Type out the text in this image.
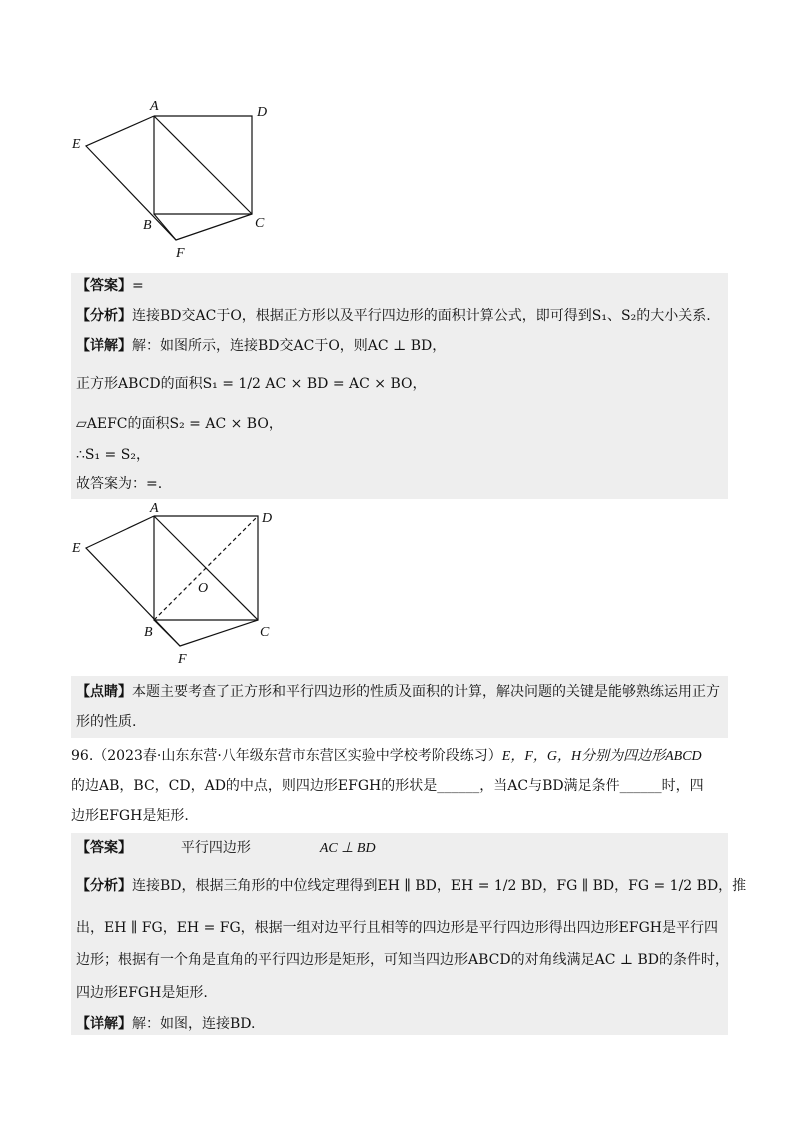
A	D
E
B	C
F
【答案】=
【分析】连接BD交AC于O，根据正方形以及平行四边形的面积计算公式，即可得到S₁、S₂的大小关系.
【详解】解：如图所示，连接BD交AC于O，则AC ⊥ BD，
正方形ABCD的面积S₁ = 1/2 AC × BD = AC × BO，
▱AEFC的面积S₂ = AC × BO，
∴S₁ = S₂，
故答案为：=.
A
D
E
O
B	C
F
【点睛】本题主要考查了正方形和平行四边形的性质及面积的计算，解决问题的关键是能够熟练运用正方
形的性质.
96.（2023春·山东东营·八年级东营市东营区实验中学校考阶段练习）E，F，G，H分别为四边形ABCD
的边AB，BC，CD，AD的中点，则四边形EFGH的形状是______，当AC与BD满足条件______时，四
边形EFGH是矩形.
【答案】	平行四边形	AC ⊥ BD
【分析】连接BD，根据三角形的中位线定理得到EH ∥ BD，EH = 1/2 BD，FG ∥ BD，FG = 1/2 BD，推
出，EH ∥ FG，EH = FG，根据一组对边平行且相等的四边形是平行四边形得出四边形EFGH是平行四
边形；根据有一个角是直角的平行四边形是矩形，可知当四边形ABCD的对角线满足AC ⊥ BD的条件时，
四边形EFGH是矩形.
【详解】解：如图，连接BD.
